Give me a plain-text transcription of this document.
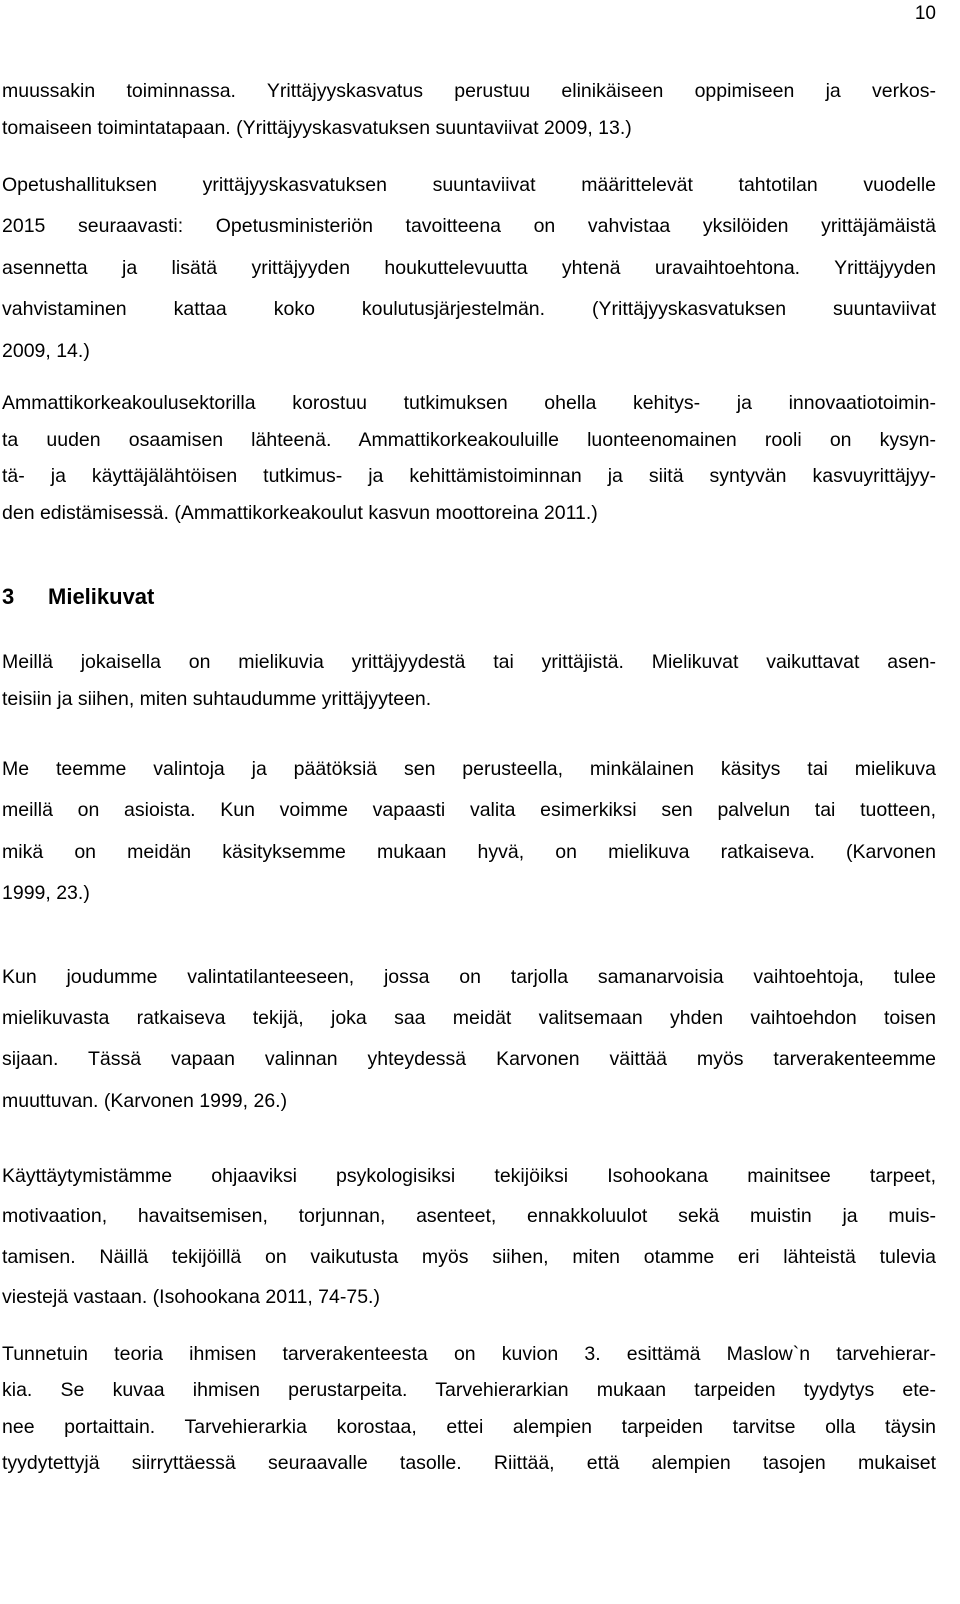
10

muussakin toiminnassa. Yrittäjyyskasvatus perustuu elinikäiseen oppimiseen ja verkos-
tomaiseen toimintatapaan. (Yrittäjyyskasvatuksen suuntaviivat 2009, 13.)

Opetushallituksen yrittäjyyskasvatuksen suuntaviivat määrittelevät tahtotilan vuodelle
2015 seuraavasti: Opetusministeriön tavoitteena on vahvistaa yksilöiden yrittäjämäistä
asennetta ja lisätä yrittäjyyden houkuttelevuutta yhtenä uravaihtoehtona. Yrittäjyyden
vahvistaminen kattaa koko koulutusjärjestelmän. (Yrittäjyyskasvatuksen suuntaviivat
2009, 14.)

Ammattikorkeakoulusektorilla korostuu tutkimuksen ohella kehitys- ja innovaatiotoimin-
ta uuden osaamisen lähteenä. Ammattikorkeakouluille luonteenomainen rooli on kysyn-
tä- ja käyttäjälähtöisen tutkimus- ja kehittämistoiminnan ja siitä syntyvän kasvuyrittäjyy-
den edistämisessä. (Ammattikorkeakoulut kasvun moottoreina 2011.)

3	Mielikuvat

Meillä jokaisella on mielikuvia yrittäjyydestä tai yrittäjistä. Mielikuvat vaikuttavat asen-
teisiin ja siihen, miten suhtaudumme yrittäjyyteen.

Me teemme valintoja ja päätöksiä sen perusteella, minkälainen käsitys tai mielikuva
meillä on asioista. Kun voimme vapaasti valita esimerkiksi sen palvelun tai tuotteen,
mikä on meidän käsityksemme mukaan hyvä, on mielikuva ratkaiseva. (Karvonen
1999, 23.)

Kun joudumme valintatilanteeseen, jossa on tarjolla samanarvoisia vaihtoehtoja, tulee
mielikuvasta ratkaiseva tekijä, joka saa meidät valitsemaan yhden vaihtoehdon toisen
sijaan. Tässä vapaan valinnan yhteydessä Karvonen väittää myös tarverakenteemme
muuttuvan. (Karvonen 1999, 26.)

Käyttäytymistämme ohjaaviksi psykologisiksi tekijöiksi Isohookana mainitsee tarpeet,
motivaation, havaitsemisen, torjunnan, asenteet, ennakkoluulot sekä muistin ja muis-
tamisen. Näillä tekijöillä on vaikutusta myös siihen, miten otamme eri lähteistä tulevia
viestejä vastaan. (Isohookana 2011, 74-75.)

Tunnetuin teoria ihmisen tarverakenteesta on kuvion 3. esittämä Maslow`n tarvehierar-
kia. Se kuvaa ihmisen perustarpeita. Tarvehierarkian mukaan tarpeiden tyydytys ete-
nee portaittain. Tarvehierarkia korostaa, ettei alempien tarpeiden tarvitse olla täysin
tyydytettyjä siirryttäessä seuraavalle tasolle. Riittää, että alempien tasojen mukaiset
